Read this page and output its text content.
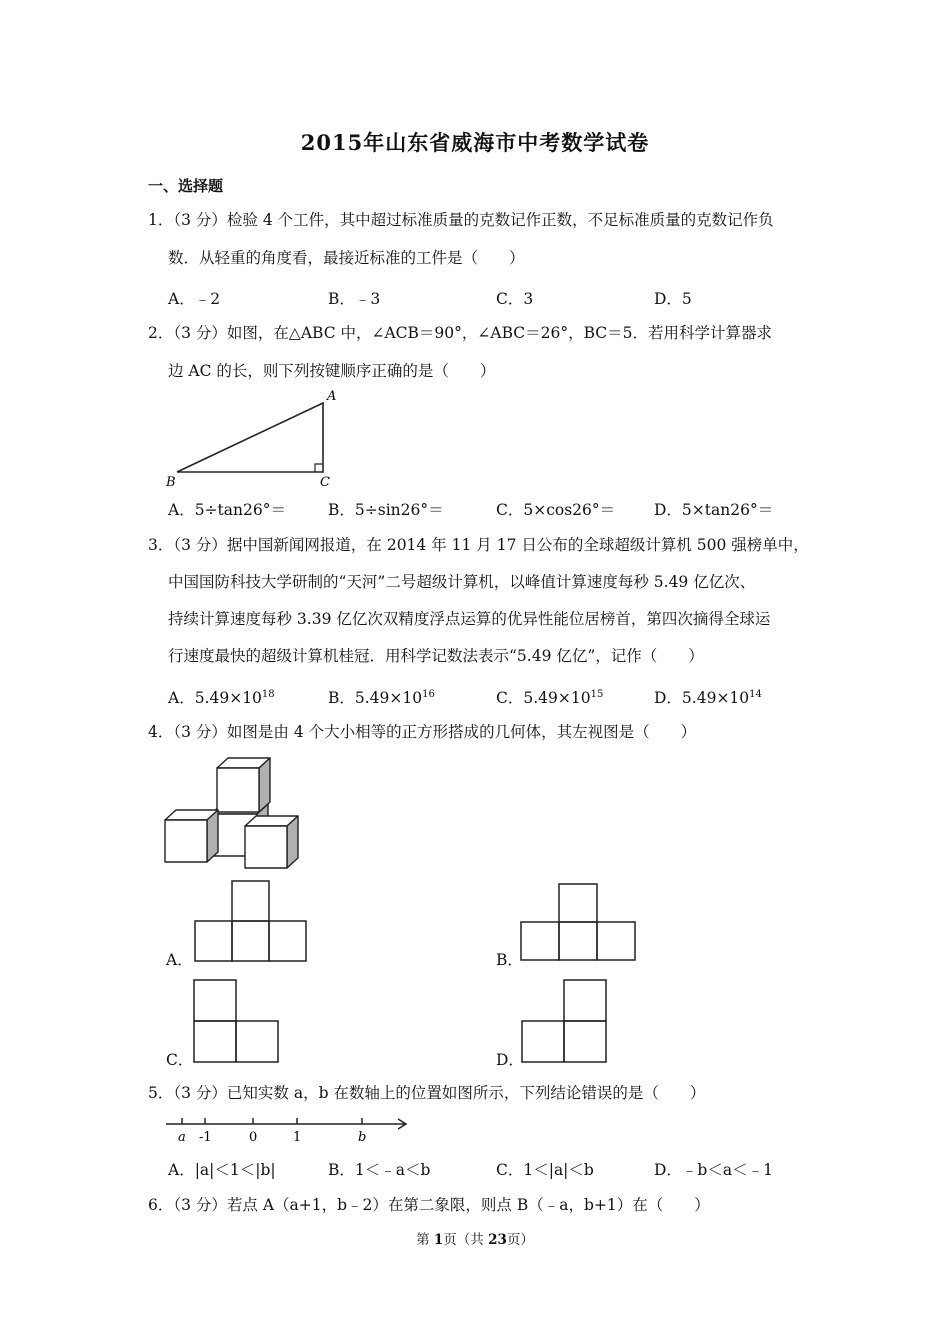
2015年山东省威海市中考数学试卷
一、选择题
1．（3 分）检验 4 个工件，其中超过标准质量的克数记作正数，不足标准质量的克数记作负
数．从轻重的角度看，最接近标准的工件是（　　）
A．﹣2	B．﹣3	C．3	D．5
2．（3 分）如图，在△ABC 中，∠ACB＝90°，∠ABC＝26°，BC＝5．若用科学计算器求
边 AC 的长，则下列按键顺序正确的是（　　）
A
B	C
A．5÷tan26°＝	B．5÷sin26°＝	C．5×cos26°＝	D．5×tan26°＝
3．（3 分）据中国新闻网报道，在 2014 年 11 月 17 日公布的全球超级计算机 500 强榜单中，
中国国防科技大学研制的“天河”二号超级计算机，以峰值计算速度每秒 5.49 亿亿次、
持续计算速度每秒 3.39 亿亿次双精度浮点运算的优异性能位居榜首，第四次摘得全球运
行速度最快的超级计算机桂冠．用科学记数法表示“5.49 亿亿”，记作（　　）
A．$5.49\times 10^{18}$	B．$5.49\times 10^{16}$	C．$5.49\times 10^{15}$	D．$5.49\times 10^{14}$
4．（3 分）如图是由 4 个大小相等的正方形搭成的几何体，其左视图是（　　）
A．	B．
C．	D．
5．（3 分）已知实数 a，b 在数轴上的位置如图所示，下列结论错误的是（　　）
a -1	0	1	b
A．|a|＜1＜|b|	B．1＜﹣a＜b	C．1＜|a|＜b	D．﹣b＜a＜﹣1
6．（3 分）若点 A（a+1，b﹣2）在第二象限，则点 B（﹣a，b+1）在（　　）
第 1页（共 23页）
